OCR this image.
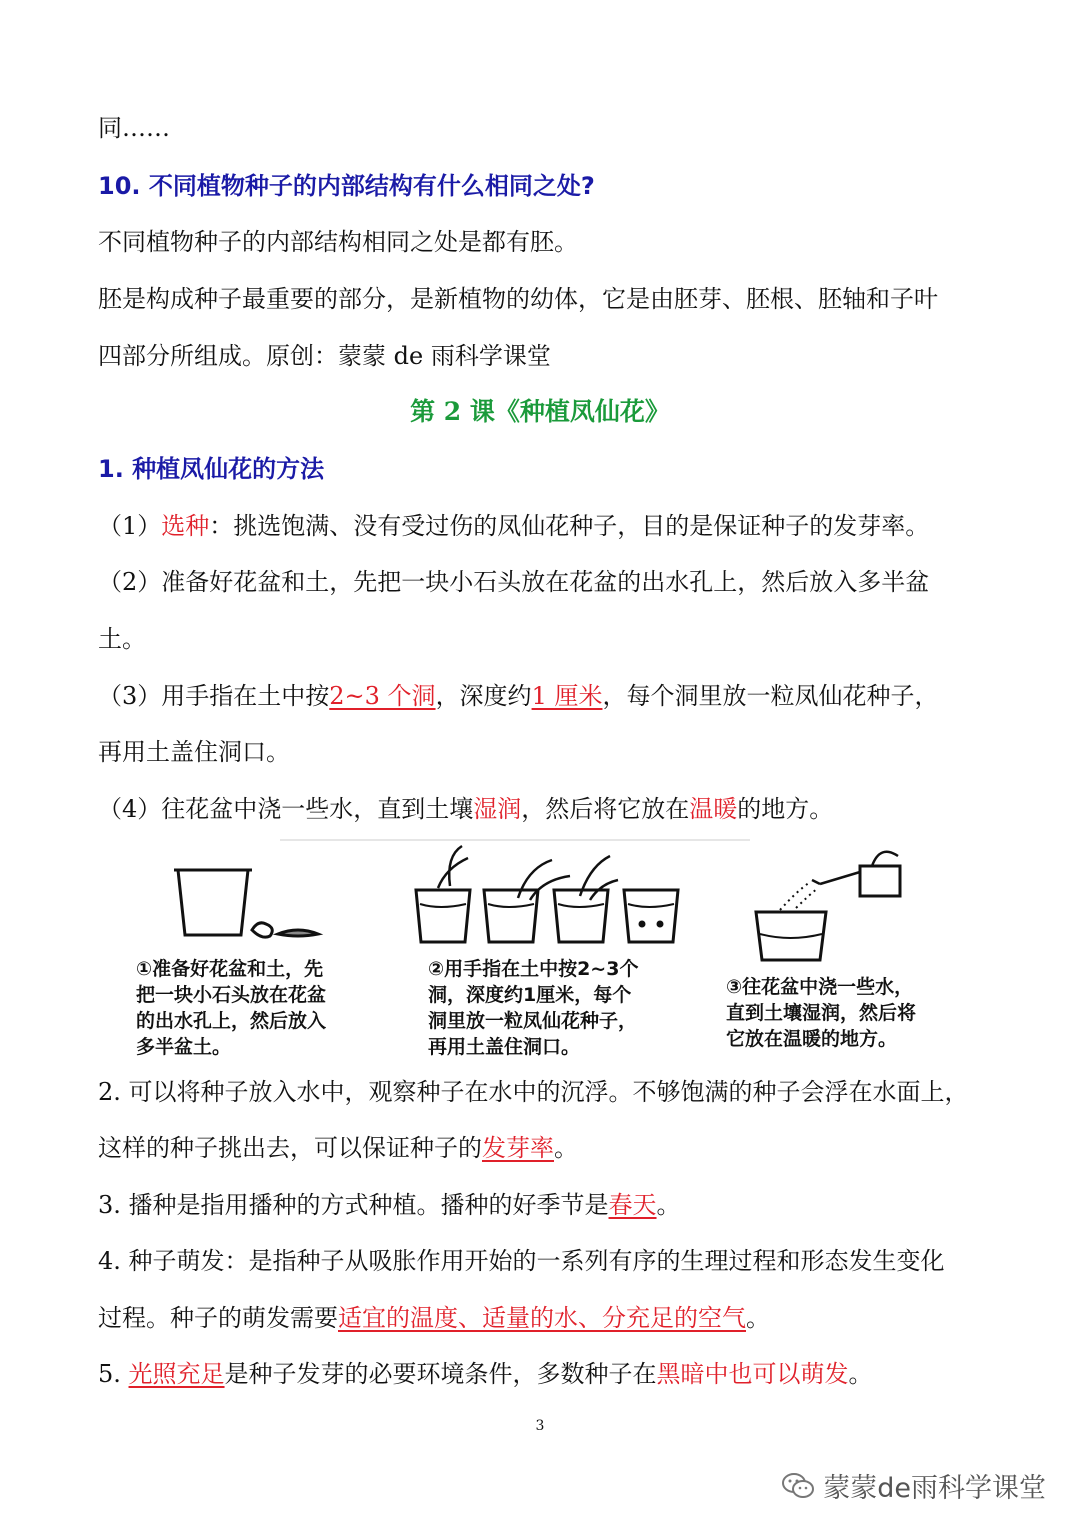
同……
10. 不同植物种子的内部结构有什么相同之处?
不同植物种子的内部结构相同之处是都有胚。
胚是构成种子最重要的部分，是新植物的幼体，它是由胚芽、胚根、胚轴和子叶
四部分所组成。原创：蒙蒙 de 雨科学课堂
第 2 课《种植凤仙花》
1. 种植凤仙花的方法
（1）选种：挑选饱满、没有受过伤的凤仙花种子，目的是保证种子的发芽率。
（2）准备好花盆和土，先把一块小石头放在花盆的出水孔上，然后放入多半盆
土。
（3）用手指在土中按2~3 个洞，深度约1 厘米，每个洞里放一粒凤仙花种子，
再用土盖住洞口。
（4）往花盆中浇一些水，直到土壤湿润，然后将它放在温暖的地方。
①准备好花盆和土，先
把一块小石头放在花盆
的出水孔上，然后放入
多半盆土。
②用手指在土中按2~3个
洞，深度约1厘米，每个
洞里放一粒凤仙花种子，
再用土盖住洞口。
③往花盆中浇一些水，
直到土壤湿润，然后将
它放在温暖的地方。
2. 可以将种子放入水中，观察种子在水中的沉浮。不够饱满的种子会浮在水面上，
这样的种子挑出去，可以保证种子的发芽率。
3. 播种是指用播种的方式种植。播种的好季节是春天。
4. 种子萌发：是指种子从吸胀作用开始的一系列有序的生理过程和形态发生变化
过程。种子的萌发需要适宜的温度、适量的水、分充足的空气。
5. 光照充足是种子发芽的必要环境条件，多数种子在黑暗中也可以萌发。
3
蒙蒙de雨科学课堂
